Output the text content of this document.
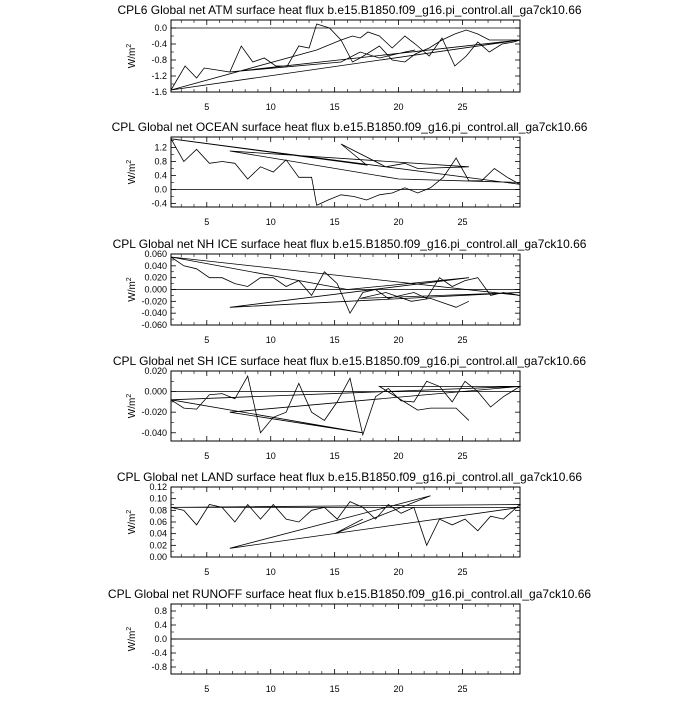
CPL6 Global net ATM surface heat flux b.e15.B1850.f09_g16.pi_control.all_ga7ck10.66
5	10	15	20	25
-1.6
-1.2
-0.8
-0.4
0.0
$W/m^2$
CPL Global net OCEAN surface heat flux b.e15.B1850.f09_g16.pi_control.all_ga7ck10.66
5	10	15	20	25
-0.4
0.0
0.4
0.8
1.2
$W/m^2$
CPL Global net NH ICE surface heat flux b.e15.B1850.f09_g16.pi_control.all_ga7ck10.66
5	10	15	20	25
-0.060
-0.040
-0.020
0.000
0.020
0.040
0.060
$W/m^2$
CPL Global net SH ICE surface heat flux b.e15.B1850.f09_g16.pi_control.all_ga7ck10.66
5	10	15	20	25
-0.040
-0.020
0.000
0.020
$W/m^2$
CPL Global net LAND surface heat flux b.e15.B1850.f09_g16.pi_control.all_ga7ck10.66
5	10	15	20	25
0.00
0.02
0.04
0.06
0.08
0.10
0.12
$W/m^2$
CPL Global net RUNOFF surface heat flux b.e15.B1850.f09_g16.pi_control.all_ga7ck10.66
5	10	15	20	25
-0.8
-0.4
0.0
0.4
0.8
$W/m^2$
